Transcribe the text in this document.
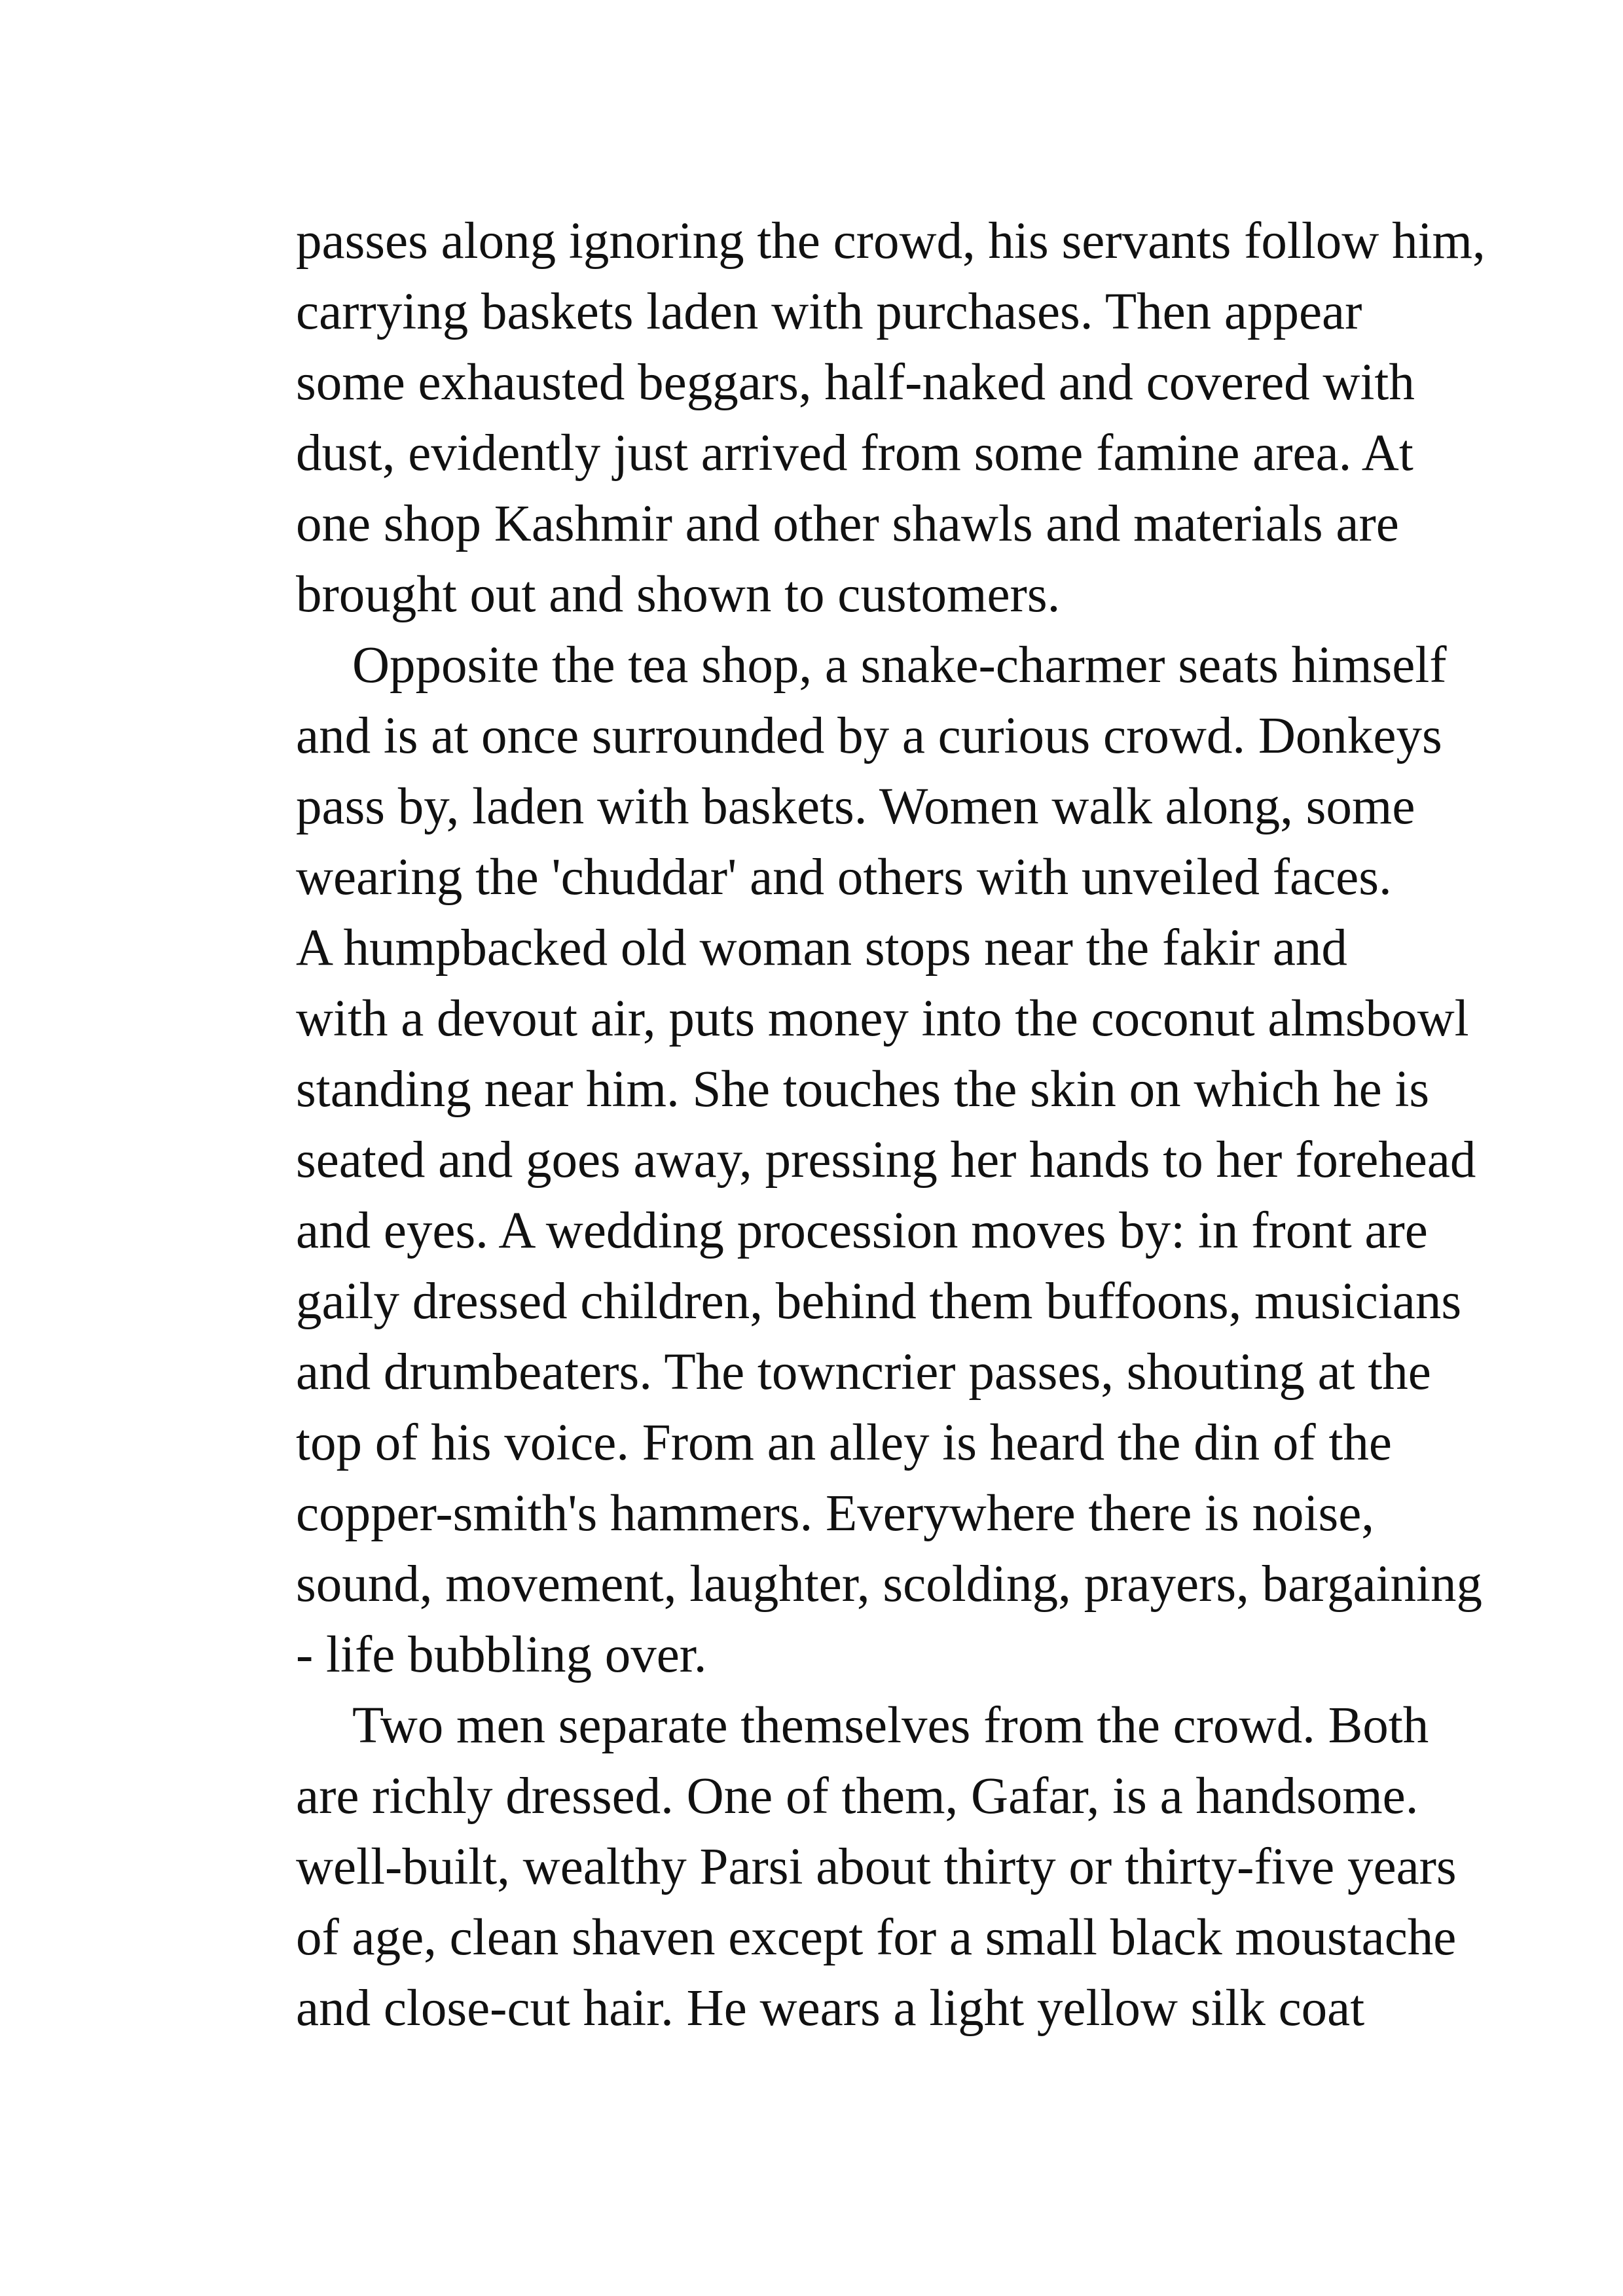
passes along ignoring the crowd, his servants follow him,
carrying baskets laden with purchases. Then appear
some exhausted beggars, half-naked and covered with
dust, evidently just arrived from some famine area. At
one shop Kashmir and other shawls and materials are
brought out and shown to customers.

Opposite the tea shop, a snake-charmer seats himself
and is at once surrounded by a curious crowd. Donkeys
pass by, laden with baskets. Women walk along, some
wearing the 'chuddar' and others with unveiled faces.
A humpbacked old woman stops near the fakir and
with a devout air, puts money into the coconut almsbowl
standing near him. She touches the skin on which he is
seated and goes away, pressing her hands to her forehead
and eyes. A wedding procession moves by: in front are
gaily dressed children, behind them buffoons, musicians
and drumbeaters. The towncrier passes, shouting at the
top of his voice. From an alley is heard the din of the
copper-smith's hammers. Everywhere there is noise,
sound, movement, laughter, scolding, prayers, bargaining
- life bubbling over.

Two men separate themselves from the crowd. Both
are richly dressed. One of them, Gafar, is a handsome.
well-built, wealthy Parsi about thirty or thirty-five years
of age, clean shaven except for a small black moustache
and close-cut hair. He wears a light yellow silk coat
